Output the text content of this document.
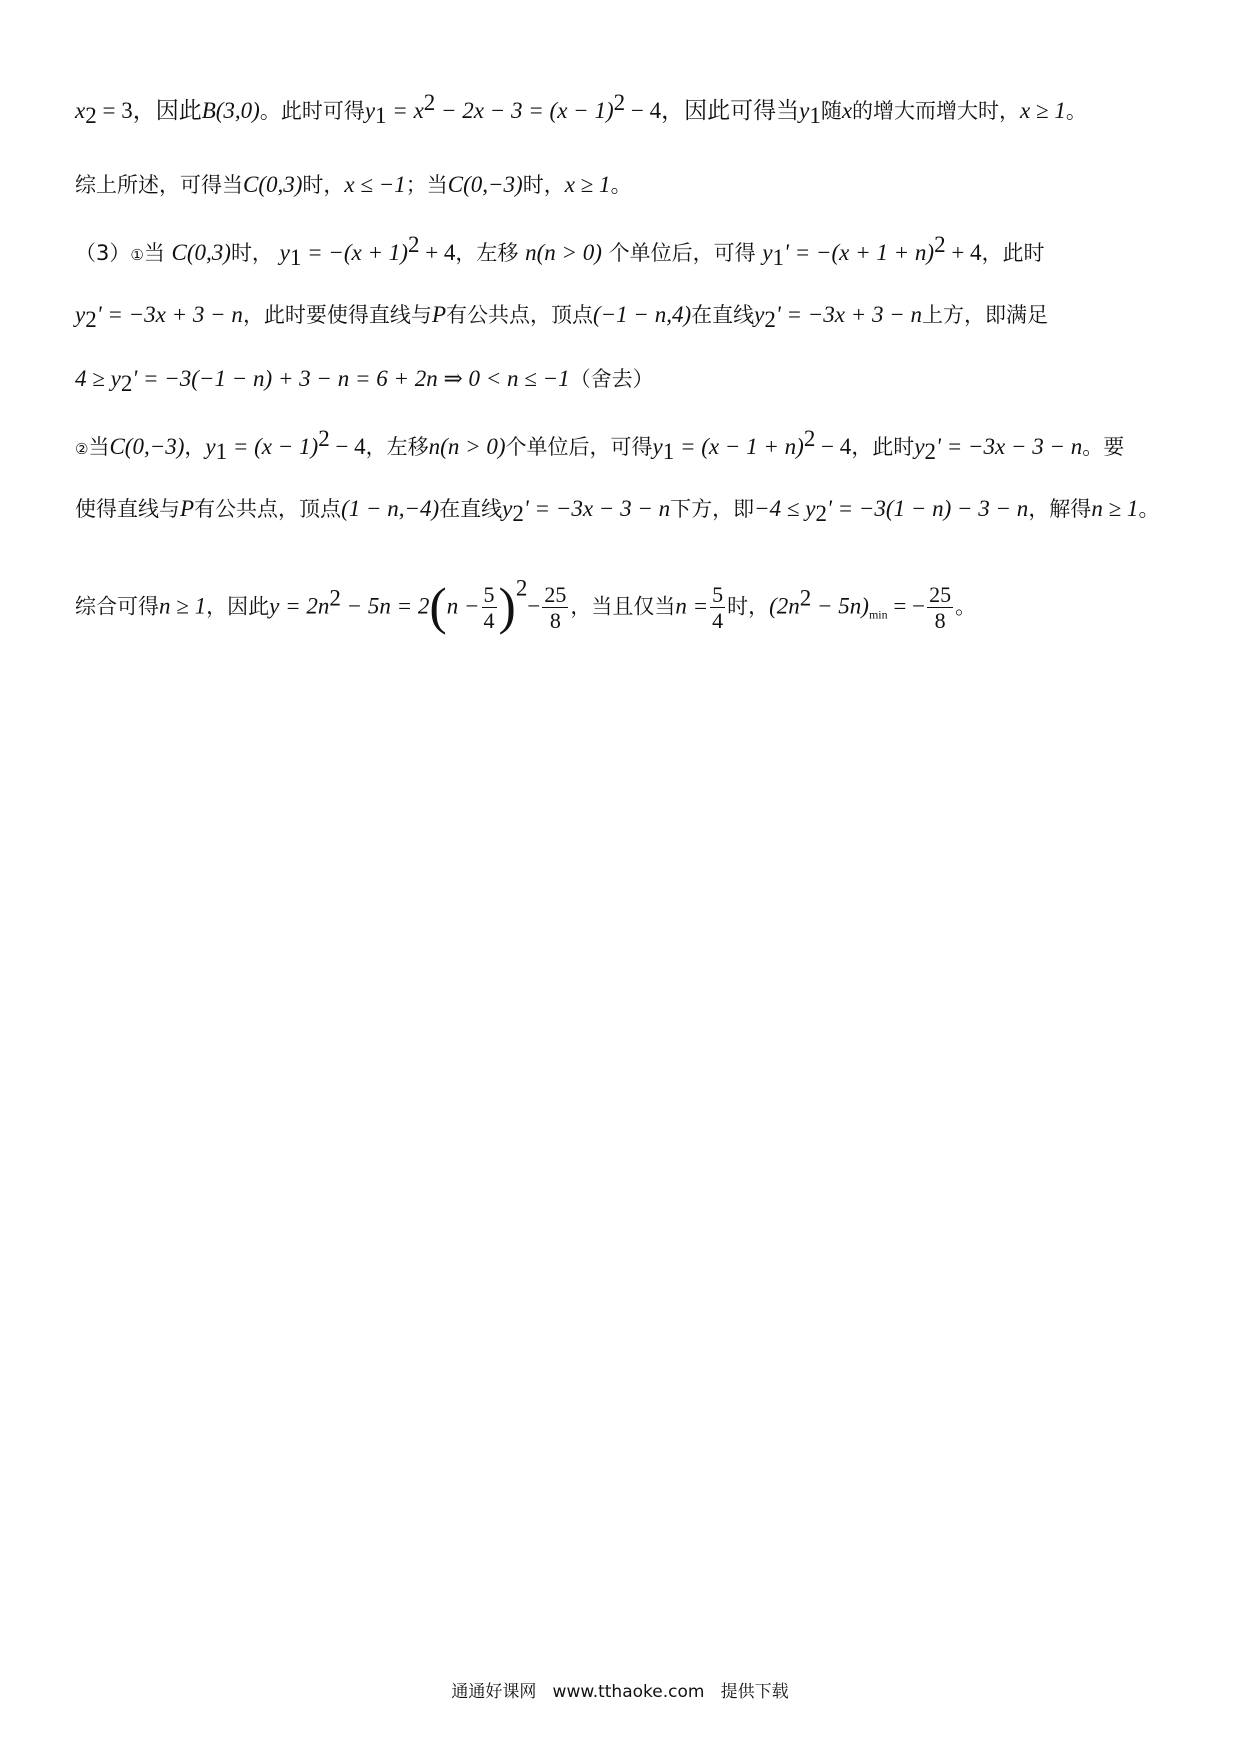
$x_2 = 3$，因此B(3,0)。此时可得$y_1 = x^2 - 2x - 3 = (x - 1)^2 - 4$，因此可得当$y_1$随x的增大而增大时，x ≥ 1。
综上所述，可得当C(0,3)时，x ≤ −1；当C(0,−3)时，x ≥ 1。
（3）①当 C(0,3)时， $y_1 = -(x + 1)^2 + 4$，左移 n(n > 0) 个单位后，可得 $y_1' = -(x + 1 + n)^2 + 4$，此时
$y_2' = -3x + 3 - n$，此时要使得直线与P有公共点，顶点(−1 − n,4)在直线$y_2' = -3x + 3 - n$上方，即满足
$4 \ge y_2' = -3(-1 - n) + 3 - n = 6 + 2n$ ⇒ 0 < n ≤ −1（舍去）
②当C(0,−3)，$y_1 = (x - 1)^2 - 4$，左移n(n > 0)个单位后，可得$y_1 = (x - 1 + n)^2 - 4$，此时$y_2' = -3x - 3 - n$。要
使得直线与P有公共点，顶点(1 − n,−4)在直线$y_2' = -3x - 3 - n$下方，即$-4 \le y_2' = -3(1 - n) - 3 - n$，解得n ≥ 1。
综合可得n ≥ 1，因此$y = 2n^2 - 5n = 2(n - \frac{5}{4} )^2- \frac{25}{8}$ ，当且仅当$n = \frac{5}{4}$ 时，$(2n^2 - 5n)_{min}$ = − $\frac{25}{8}$ 。
通通好课网 www.tthaoke.com 提供下载
